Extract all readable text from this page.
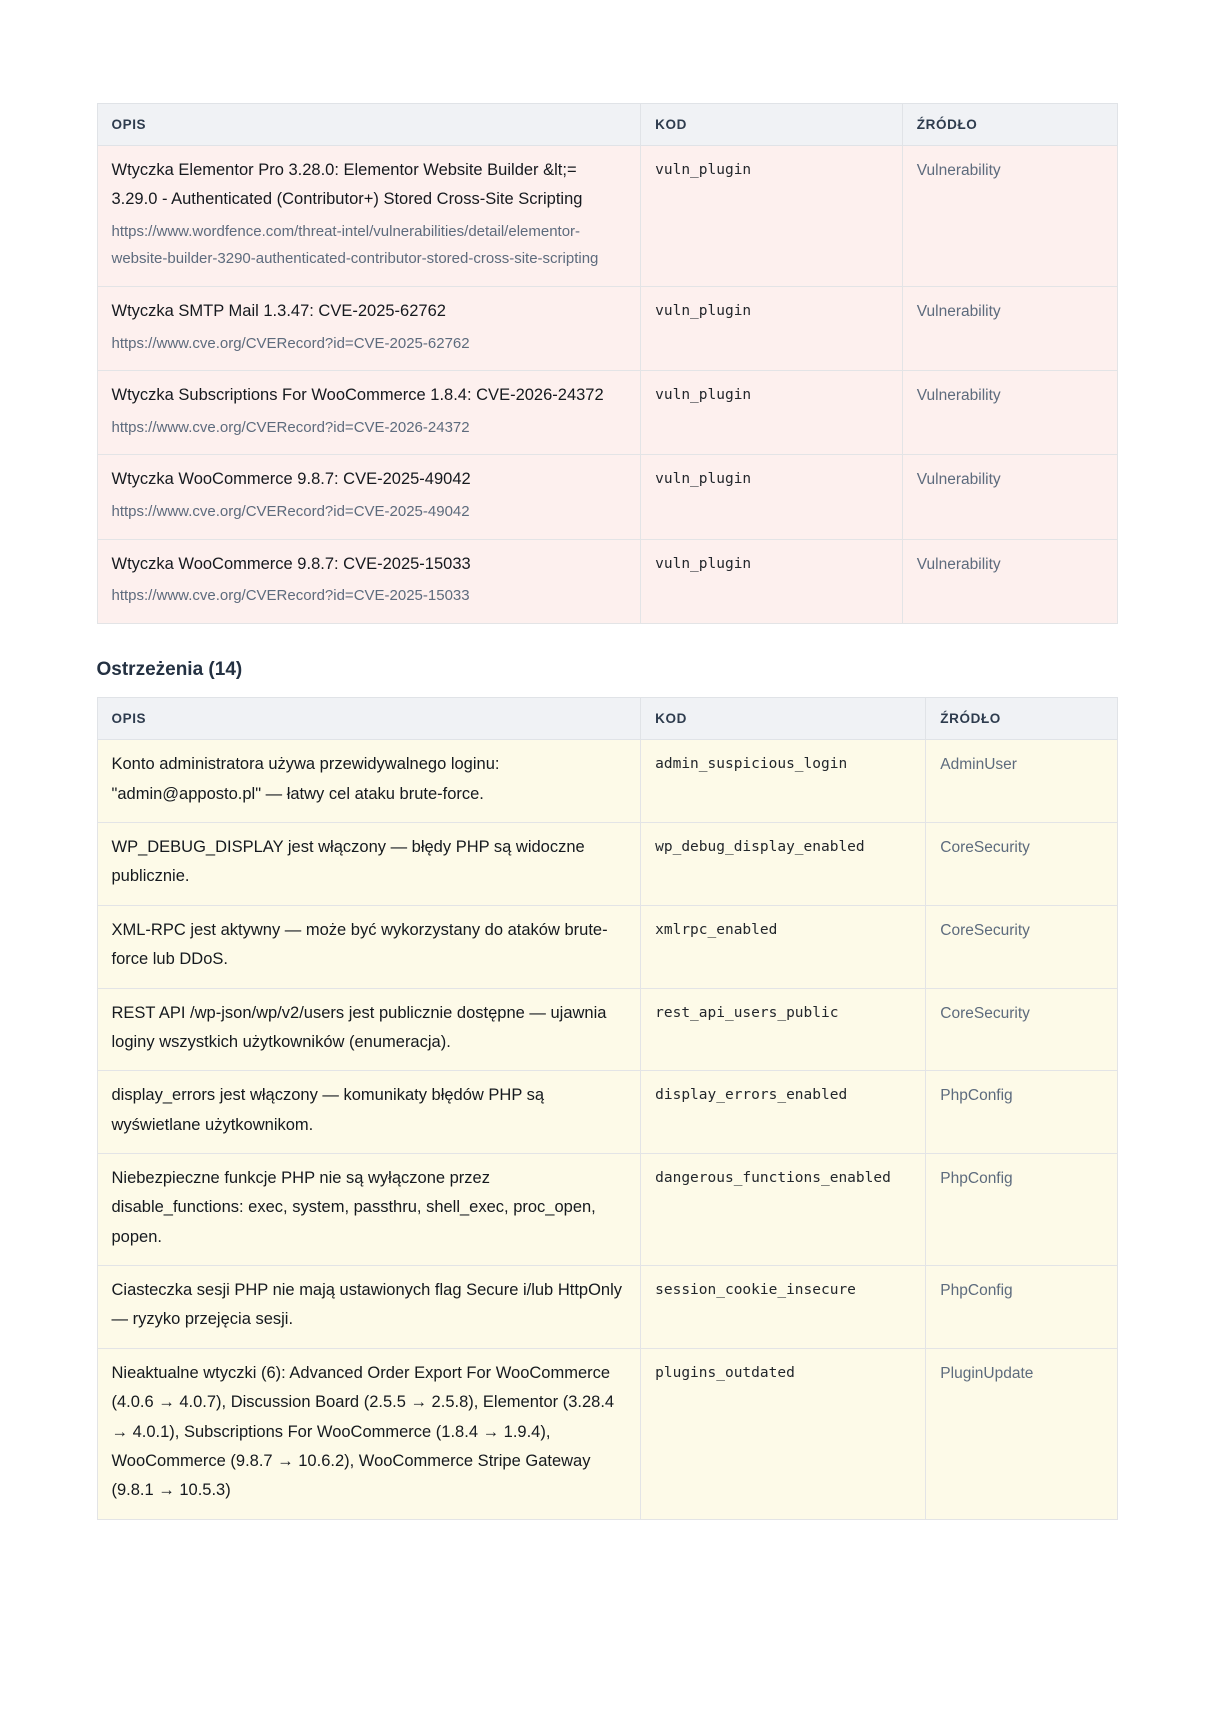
OPIS	KOD	ŹRÓDŁO

Wtyczka Elementor Pro 3.28.0: Elementor Website Builder &lt;= 3.29.0 - Authenticated (Contributor+) Stored Cross-Site Scripting
https://www.wordfence.com/threat-intel/vulnerabilities/detail/elementor-website-builder-3290-authenticated-contributor-stored-cross-site-scripting	vuln_plugin	Vulnerability

Wtyczka SMTP Mail 1.3.47: CVE-2025-62762
https://www.cve.org/CVERecord?id=CVE-2025-62762	vuln_plugin	Vulnerability

Wtyczka Subscriptions For WooCommerce 1.8.4: CVE-2026-24372
https://www.cve.org/CVERecord?id=CVE-2026-24372	vuln_plugin	Vulnerability

Wtyczka WooCommerce 9.8.7: CVE-2025-49042
https://www.cve.org/CVERecord?id=CVE-2025-49042	vuln_plugin	Vulnerability

Wtyczka WooCommerce 9.8.7: CVE-2025-15033
https://www.cve.org/CVERecord?id=CVE-2025-15033	vuln_plugin	Vulnerability
Ostrzeżenia (14)
OPIS	KOD	ŹRÓDŁO

Konto administratora używa przewidywalnego loginu: "admin@apposto.pl" — łatwy cel ataku brute-force.	admin_suspicious_login	AdminUser

WP_DEBUG_DISPLAY jest włączony — błędy PHP są widoczne publicznie.	wp_debug_display_enabled	CoreSecurity

XML-RPC jest aktywny — może być wykorzystany do ataków brute-force lub DDoS.	xmlrpc_enabled	CoreSecurity

REST API /wp-json/wp/v2/users jest publicznie dostępne — ujawnia loginy wszystkich użytkowników (enumeracja).	rest_api_users_public	CoreSecurity

display_errors jest włączony — komunikaty błędów PHP są wyświetlane użytkownikom.	display_errors_enabled	PhpConfig

Niebezpieczne funkcje PHP nie są wyłączone przez disable_functions: exec, system, passthru, shell_exec, proc_open, popen.	dangerous_functions_enabled	PhpConfig

Ciasteczka sesji PHP nie mają ustawionych flag Secure i/lub HttpOnly — ryzyko przejęcia sesji.	session_cookie_insecure	PhpConfig

Nieaktualne wtyczki (6): Advanced Order Export For WooCommerce (4.0.6 → 4.0.7), Discussion Board (2.5.5 → 2.5.8), Elementor (3.28.4 → 4.0.1), Subscriptions For WooCommerce (1.8.4 → 1.9.4), WooCommerce (9.8.7 → 10.6.2), WooCommerce Stripe Gateway (9.8.1 → 10.5.3)	plugins_outdated	PluginUpdate
